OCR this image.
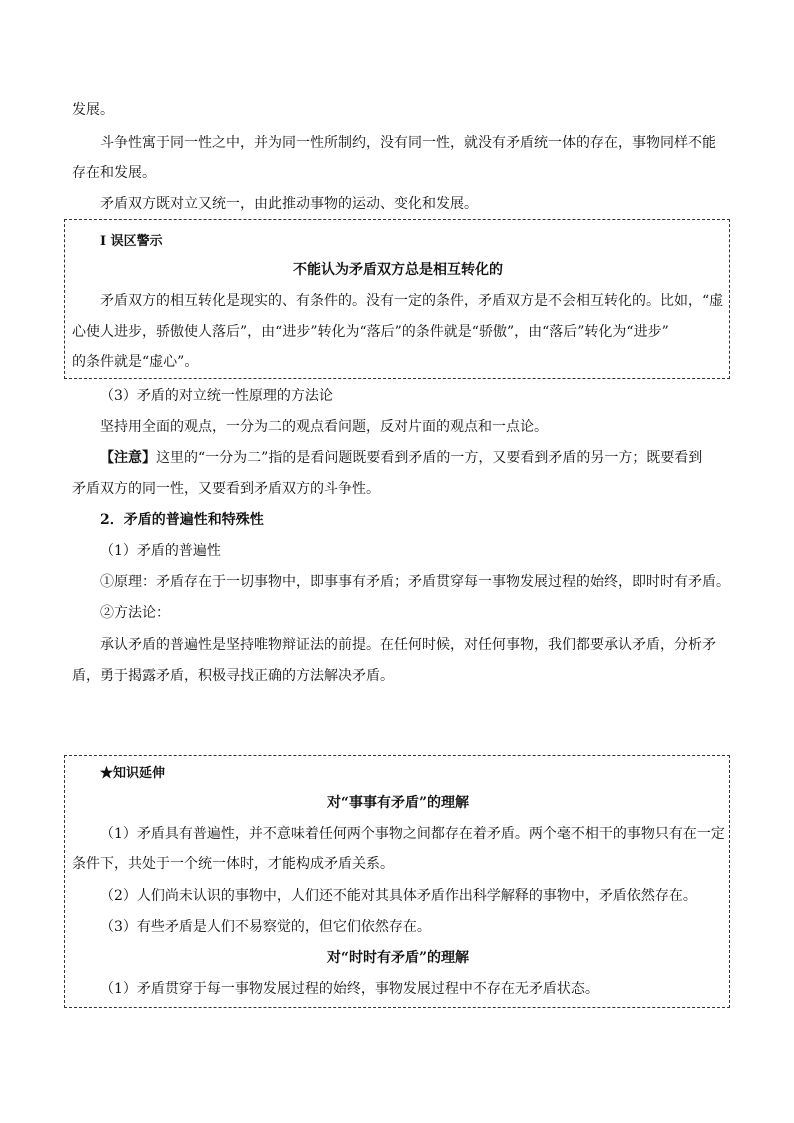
发展。
斗争性寓于同一性之中，并为同一性所制约，没有同一性，就没有矛盾统一体的存在，事物同样不能
存在和发展。
矛盾双方既对立又统一，由此推动事物的运动、变化和发展。
Ⅰ 误区警示
不能认为矛盾双方总是相互转化的
矛盾双方的相互转化是现实的、有条件的。没有一定的条件，矛盾双方是不会相互转化的。比如，“虚
心使人进步，骄傲使人落后”，由“进步”转化为“落后”的条件就是“骄傲”，由“落后”转化为“进步”
的条件就是“虚心”。
（3）矛盾的对立统一性原理的方法论
坚持用全面的观点，一分为二的观点看问题，反对片面的观点和一点论。
【注意】这里的“一分为二”指的是看问题既要看到矛盾的一方，又要看到矛盾的另一方；既要看到
矛盾双方的同一性，又要看到矛盾双方的斗争性。
2．矛盾的普遍性和特殊性
（1）矛盾的普遍性
①原理：矛盾存在于一切事物中，即事事有矛盾；矛盾贯穿每一事物发展过程的始终，即时时有矛盾。
②方法论：
承认矛盾的普遍性是坚持唯物辩证法的前提。在任何时候，对任何事物，我们都要承认矛盾，分析矛
盾，勇于揭露矛盾，积极寻找正确的方法解决矛盾。
★知识延伸
对“事事有矛盾”的理解
（1）矛盾具有普遍性，并不意味着任何两个事物之间都存在着矛盾。两个毫不相干的事物只有在一定
条件下，共处于一个统一体时，才能构成矛盾关系。
（2）人们尚未认识的事物中，人们还不能对其具体矛盾作出科学解释的事物中，矛盾依然存在。
（3）有些矛盾是人们不易察觉的，但它们依然存在。
对“时时有矛盾”的理解
（1）矛盾贯穿于每一事物发展过程的始终，事物发展过程中不存在无矛盾状态。
